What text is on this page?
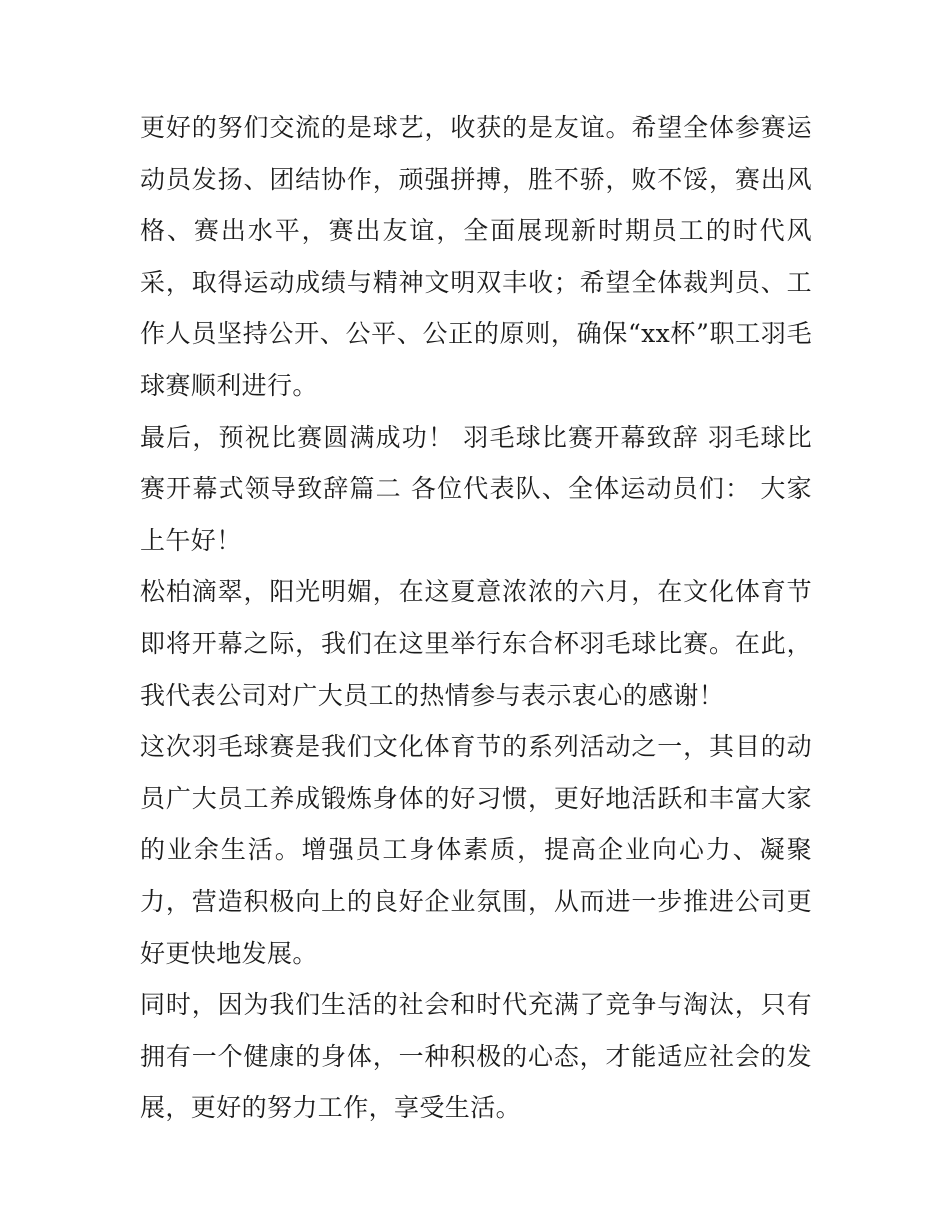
更好的努们交流的是球艺，收获的是友谊。希望全体参赛运动员发扬、团结协作，顽强拼搏，胜不骄，败不馁，赛出风格、赛出水平，赛出友谊，全面展现新时期员工的时代风采，取得运动成绩与精神文明双丰收；希望全体裁判员、工作人员坚持公开、公平、公正的原则，确保“xx杯”职工羽毛球赛顺利进行。

最后，预祝比赛圆满成功！ 羽毛球比赛开幕致辞 羽毛球比赛开幕式领导致辞篇二 各位代表队、全体运动员们： 大家上午好！

松柏滴翠，阳光明媚，在这夏意浓浓的六月，在文化体育节即将开幕之际，我们在这里举行东合杯羽毛球比赛。在此，我代表公司对广大员工的热情参与表示衷心的感谢！

这次羽毛球赛是我们文化体育节的系列活动之一，其目的动员广大员工养成锻炼身体的好习惯，更好地活跃和丰富大家的业余生活。增强员工身体素质，提高企业向心力、凝聚力，营造积极向上的良好企业氛围，从而进一步推进公司更好更快地发展。

同时，因为我们生活的社会和时代充满了竞争与淘汰，只有拥有一个健康的身体，一种积极的心态，才能适应社会的发展，更好的努力工作，享受生活。
